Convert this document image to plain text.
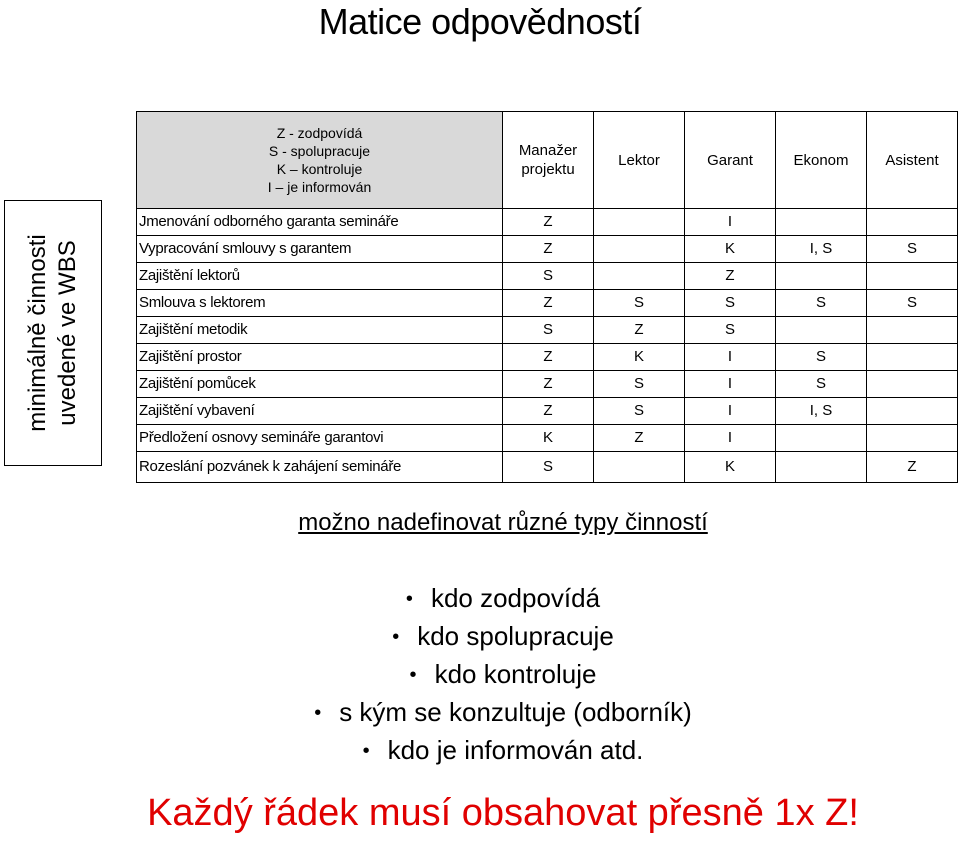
Matice odpovědností
minimálně činnosti uvedené ve WBS
Z - zodpovídá
S - spolupracuje
K – kontroluje
I – je informován	Manažer projektu	Lektor	Garant	Ekonom	Asistent
Jmenování odborného garanta semináře	Z		I		
Vypracování smlouvy s garantem	Z		K	I, S	S
Zajištění lektorů	S		Z		
Smlouva s lektorem	Z	S	S	S	S
Zajištění metodik	S	Z	S		
Zajištění prostor	Z	K	I	S	
Zajištění pomůcek	Z	S	I	S	
Zajištění vybavení	Z	S	I	I, S	
Předložení osnovy semináře garantovi	K	Z	I		
Rozeslání pozvánek k zahájení semináře	S		K		Z
možno nadefinovat různé typy činností
• kdo zodpovídá
• kdo spolupracuje
• kdo kontroluje
• s kým se konzultuje (odborník)
• kdo je informován atd.
Každý řádek musí obsahovat přesně 1x Z!
